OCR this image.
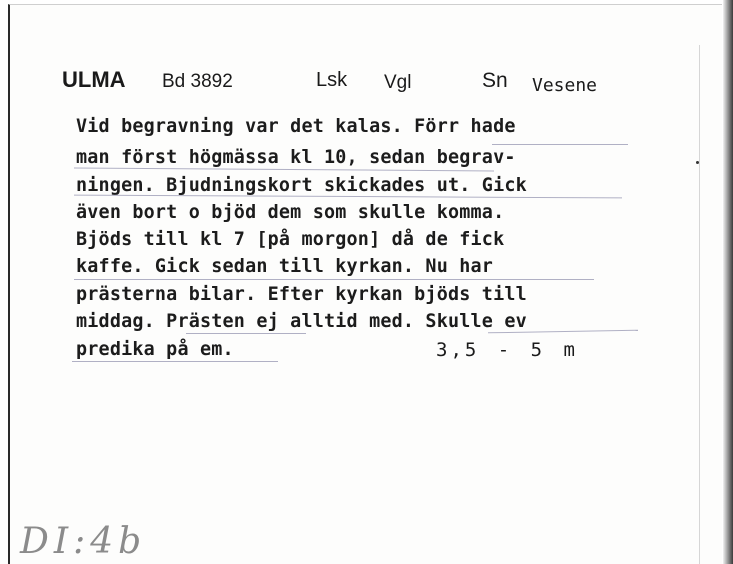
ULMA Bd 3892	Lsk Vgl	Sn Vesene
Vid begravning var det kalas. Förr hade
man först högmässa kl 10, sedan begrav-
ningen. Bjudningskort skickades ut. Gick
även bort o bjöd dem som skulle komma.
Bjöds till kl 7 [på morgon] då de fick
kaffe. Gick sedan till kyrkan. Nu har
prästerna bilar. Efter kyrkan bjöds till
middag. Prästen ej alltid med. Skulle ev
predika på em.	3,5 - 5 m
DI:4b
